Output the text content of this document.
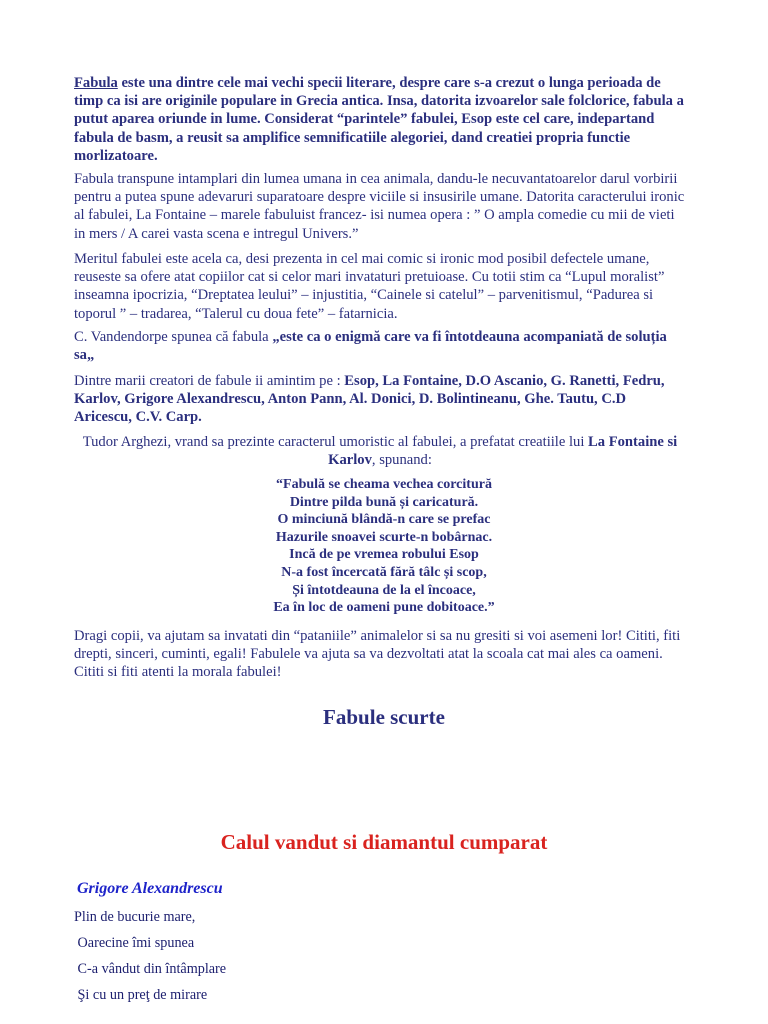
Fabula este una dintre cele mai vechi specii literare, despre care s-a crezut o lunga perioada de timp ca isi are originile populare in Grecia antica. Insa, datorita izvoarelor sale folclorice, fabula a putut aparea oriunde in lume. Considerat “parintele” fabulei, Esop este cel care, indepartand fabula de basm, a reusit sa amplifice semnificatiile alegoriei, dand creatiei propria functie morlizatoare.

Fabula transpune intamplari din lumea umana in cea animala, dandu-le necuvantatoarelor darul vorbirii pentru a putea spune adevaruri suparatoare despre viciile si insusirile umane. Datorita caracterului ironic al fabulei, La Fontaine – marele fabuluist francez- isi numea opera : ” O ampla comedie cu mii de vieti in mers / A carei vasta scena e intregul Univers.”

Meritul fabulei este acela ca, desi prezenta in cel mai comic si ironic mod posibil defectele umane, reuseste sa ofere atat copiilor cat si celor mari invataturi pretuioase. Cu totii stim ca “Lupul moralist” inseamna ipocrizia, “Dreptatea leului” – injustitia, “Cainele si catelul” – parvenitismul, “Padurea si toporul ” – tradarea, “Talerul cu doua fete” – fatarnicia.

C. Vandendorpe spunea că fabula „este ca o enigmă care va fi întotdeauna acompaniată de soluția sa„

Dintre marii creatori de fabule ii amintim pe : Esop, La Fontaine, D.O Ascanio, G. Ranetti, Fedru, Karlov, Grigore Alexandrescu, Anton Pann, Al. Donici, D. Bolintineanu, Ghe. Tautu, C.D Aricescu, C.V. Carp.

Tudor Arghezi, vrand sa prezinte caracterul umoristic al fabulei, a prefatat creatiile lui La Fontaine si Karlov, spunand:

“Fabulă se cheama vechea corcitură
Dintre pilda bună și caricatură.
O minciună blândă-n care se prefac
Hazurile snoavei scurte-n bobârnac.
Incă de pe vremea robului Esop
N-a fost încercată fără tâlc și scop,
Și întotdeauna de la el încoace,
Ea în loc de oameni pune dobitoace.”

Dragi copii, va ajutam sa invatati din “pataniile” animalelor si sa nu gresiti si voi asemeni lor! Cititi, fiti drepti, sinceri, cuminti, egali! Fabulele va ajuta sa va dezvoltati atat la scoala cat mai ales ca oameni. Cititi si fiti atenti la morala fabulei!

Fabule scurte
Calul vandut si diamantul cumparat

Grigore Alexandrescu

Plin de bucurie mare,

Oarecine îmi spunea

C-a vândut din întâmplare

Şi cu un preţ de mirare
